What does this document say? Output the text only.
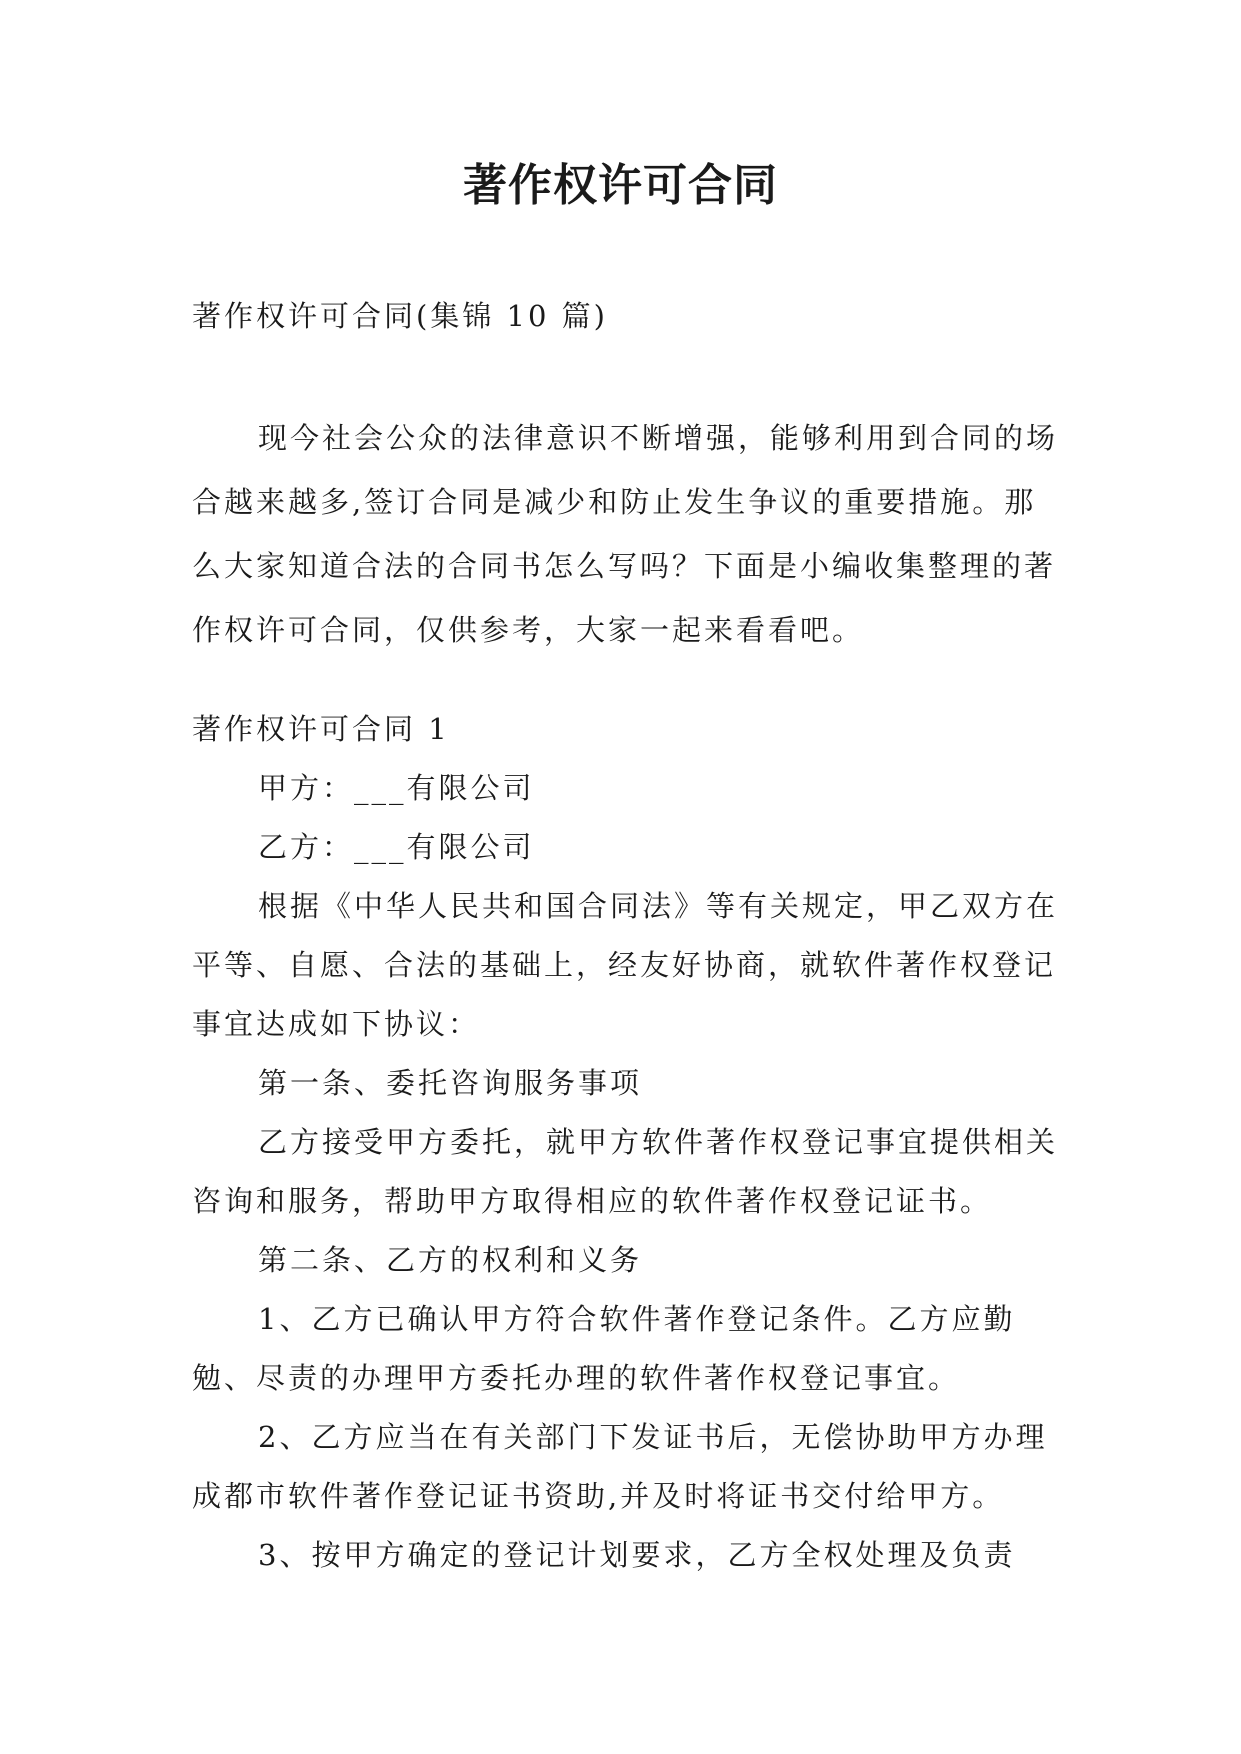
著作权许可合同

著作权许可合同(集锦 10 篇)

现今社会公众的法律意识不断增强，能够利用到合同的场合越来越多,签订合同是减少和防止发生争议的重要措施。那么大家知道合法的合同书怎么写吗？下面是小编收集整理的著作权许可合同，仅供参考，大家一起来看看吧。

著作权许可合同 1

甲方：___有限公司

乙方：___有限公司

根据《中华人民共和国合同法》等有关规定，甲乙双方在平等、自愿、合法的基础上，经友好协商，就软件著作权登记事宜达成如下协议：

第一条、委托咨询服务事项

乙方接受甲方委托，就甲方软件著作权登记事宜提供相关咨询和服务，帮助甲方取得相应的软件著作权登记证书。

第二条、乙方的权利和义务

1、乙方已确认甲方符合软件著作登记条件。乙方应勤勉、尽责的办理甲方委托办理的软件著作权登记事宜。

2、乙方应当在有关部门下发证书后，无偿协助甲方办理成都市软件著作登记证书资助,并及时将证书交付给甲方。

3、按甲方确定的登记计划要求，乙方全权处理及负责
